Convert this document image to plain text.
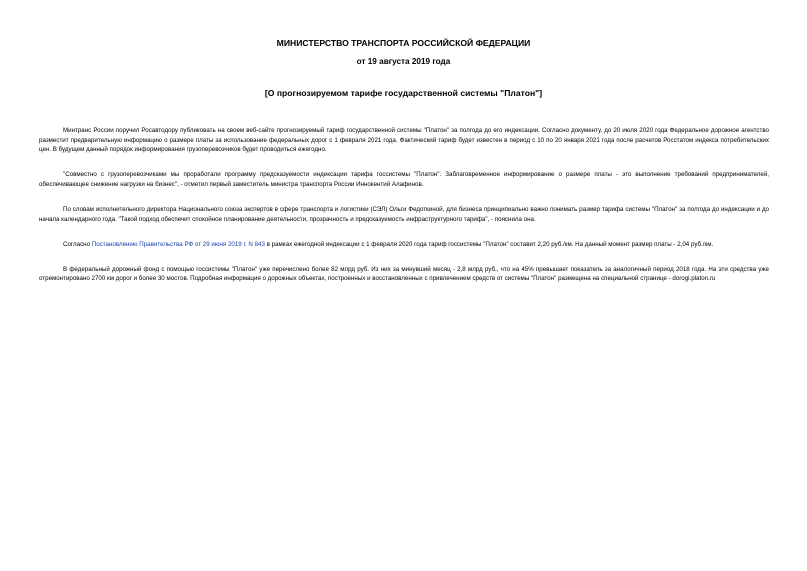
МИНИСТЕРСТВО ТРАНСПОРТА РОССИЙСКОЙ ФЕДЕРАЦИИ
от 19 августа 2019 года
[О прогнозируемом тарифе государственной системы "Платон"]

Минтранс России поручил Росавтодору публиковать на своем веб-сайте прогнозируемый тариф государственной системы "Платон" за полгода до его индексации. Согласно документу, до 20 июля 2020 года Федеральное дорожное агентство разместит предварительную информацию о размере платы за использование федеральных дорог с 1 февраля 2021 года. Фактический тариф будет известен в период с 10 по 20 января 2021 года после расчетов Росстатом индекса потребительских цен. В будущем данный порядок информирования грузоперевозчиков будет проводиться ежегодно.

"Совместно с грузоперевозчиками мы проработали программу предсказуемости индексации тарифа госсистемы "Платон". Заблаговременное информирование о размере платы - это выполнение требований предпринимателей, обеспечивающее снижение нагрузки на бизнес", - отметил первый заместитель министра транспорта России Иннокентий Алафинов.

По словам исполнительного директора Национального союза экспертов в сфере транспорта и логистики (СЭЛ) Ольги Федоткиной, для бизнеса принципиально важно понимать размер тарифа системы "Платон" за полгода до индексации и до начала календарного года. "Такой подход обеспечит спокойное планирование деятельности, прозрачность и предсказуемость инфраструктурного тарифа", - пояснила она.

Согласно Постановлению Правительства РФ от 29 июня 2019 г. N 843 в рамках ежегодной индексации с 1 февраля 2020 года тариф госсистемы "Платон" составит 2,20 руб./км. На данный момент размер платы - 2,04 руб./км.

В федеральный дорожный фонд с помощью госсистемы "Платон" уже перечислено более 82 млрд руб. Из них за минувший месяц - 2,8 млрд руб., что на 45% превышает показатель за аналогичный период 2018 года. На эти средства уже отремонтировано 2700 км дорог и более 30 мостов. Подробная информация о дорожных объектах, построенных и восстановленных с привлечением средств от системы "Платон" размещена на специальной странице - dorogi.platon.ru
